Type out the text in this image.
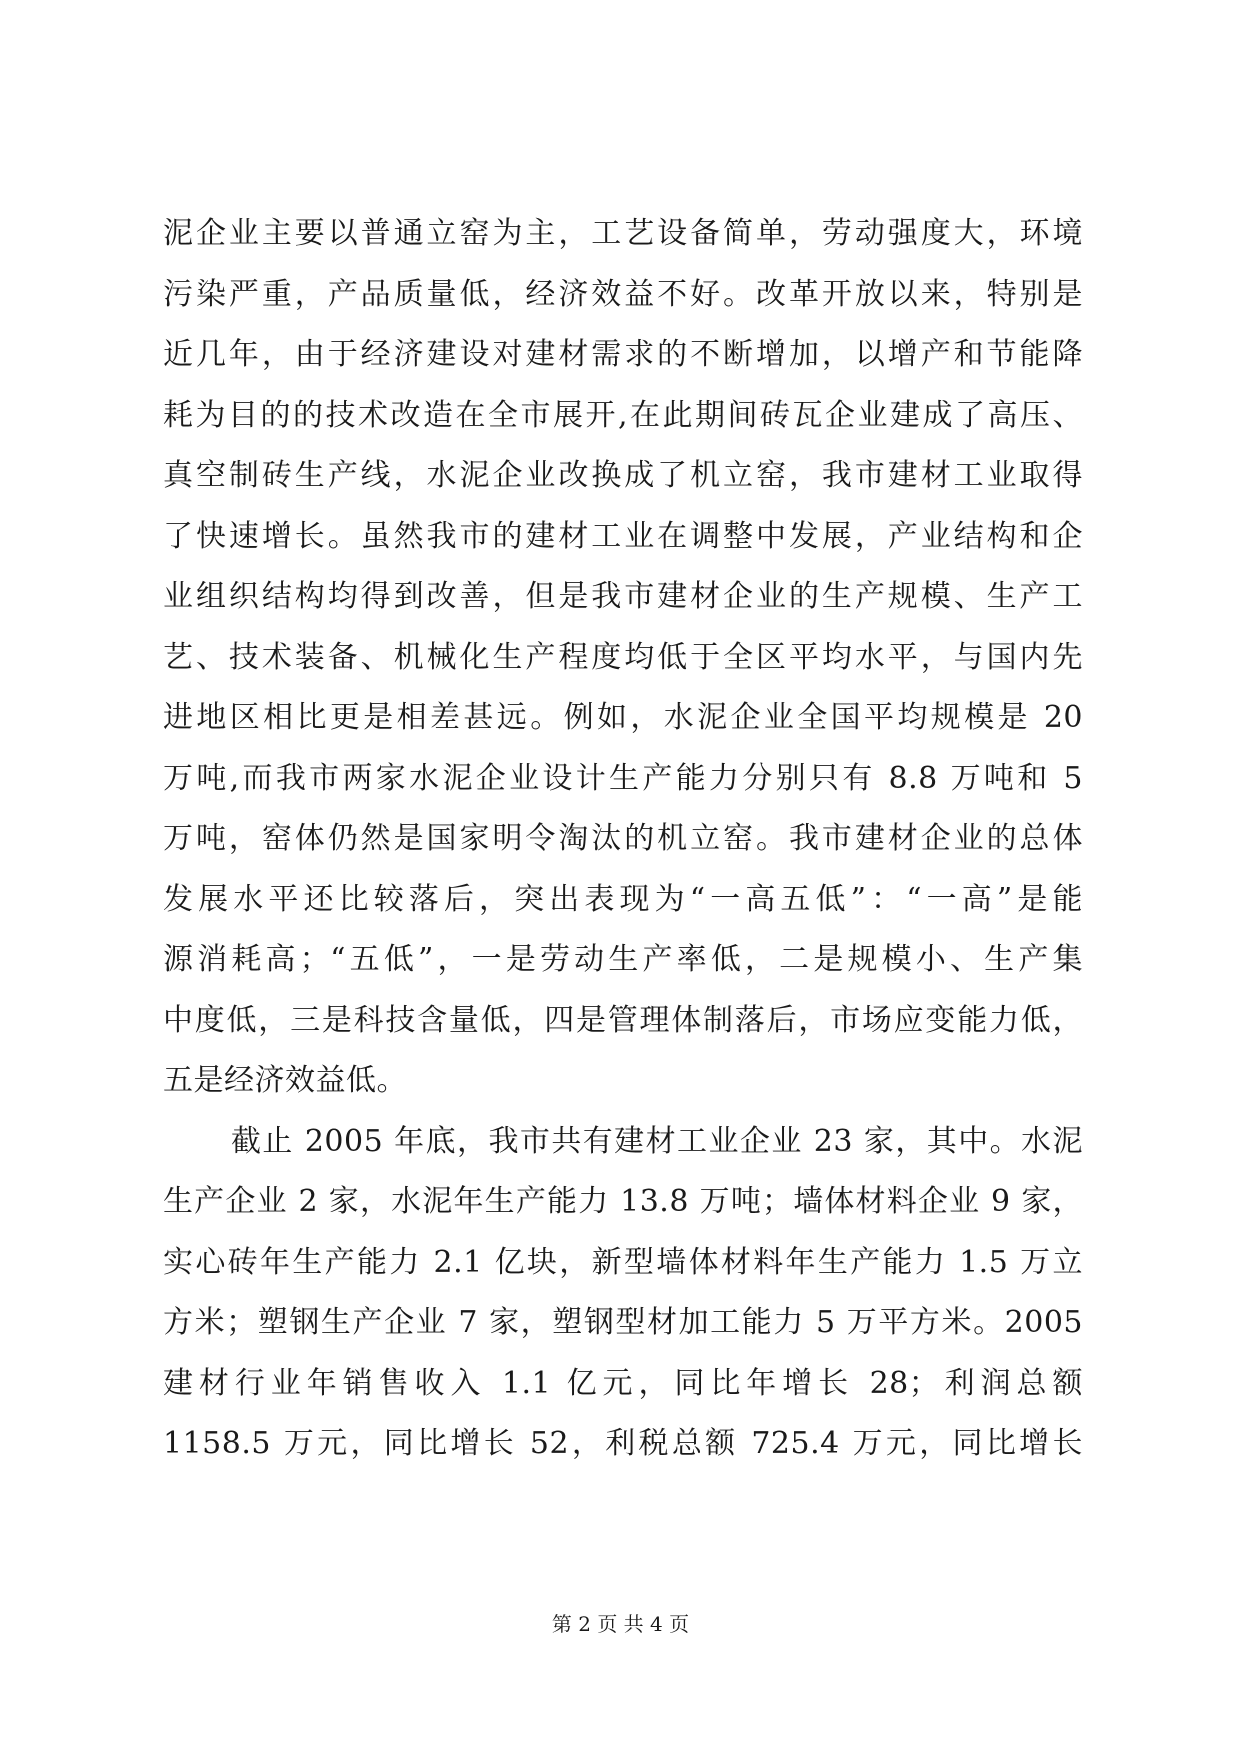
泥企业主要以普通立窑为主，工艺设备简单，劳动强度大，环境
污染严重，产品质量低，经济效益不好。改革开放以来，特别是
近几年，由于经济建设对建材需求的不断增加，以增产和节能降
耗为目的的技术改造在全市展开,在此期间砖瓦企业建成了高压、
真空制砖生产线，水泥企业改换成了机立窑，我市建材工业取得
了快速增长。虽然我市的建材工业在调整中发展，产业结构和企
业组织结构均得到改善，但是我市建材企业的生产规模、生产工
艺、技术装备、机械化生产程度均低于全区平均水平，与国内先
进地区相比更是相差甚远。例如，水泥企业全国平均规模是 20
万吨,而我市两家水泥企业设计生产能力分别只有 8.8 万吨和 5
万吨，窑体仍然是国家明令淘汰的机立窑。我市建材企业的总体
发展水平还比较落后，突出表现为“一高五低”：“一高”是能
源消耗高；“五低”，一是劳动生产率低，二是规模小、生产集
中度低，三是科技含量低，四是管理体制落后，市场应变能力低，
五是经济效益低。
截止 2005 年底，我市共有建材工业企业 23 家，其中。水泥
生产企业 2 家，水泥年生产能力 13.8 万吨；墙体材料企业 9 家，
实心砖年生产能力 2.1 亿块，新型墙体材料年生产能力 1.5 万立
方米；塑钢生产企业 7 家，塑钢型材加工能力 5 万平方米。2005
建材行业年销售收入 1.1 亿元，同比年增长 28；利润总额
1158.5 万元，同比增长 52，利税总额 725.4 万元，同比增长
第 2 页 共 4 页
